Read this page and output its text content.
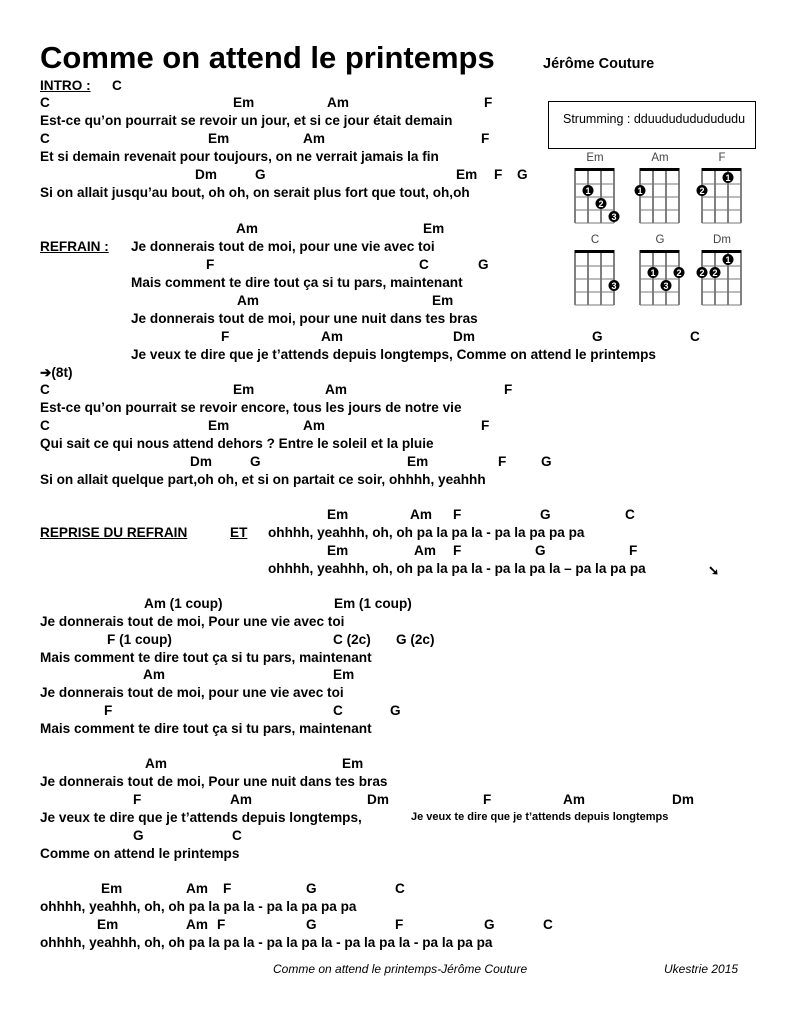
Comme on attend le printemps	Jérôme Couture
INTRO : C
Strumming : dduududududududu
Em
1
2
3
Am
1
F
2
1
C
3
G
1
3
2
Dm
2 2
1
C	Em	Am	F
Est-ce qu’on pourrait se revoir un jour, et si ce jour était demain
C	Em	Am	F
Et si demain revenait pour toujours, on ne verrait jamais la fin
Dm	G	Em F G
Si on allait jusqu’au bout, oh oh, on serait plus fort que tout, oh,oh
Am	Em
REFRAIN : Je donnerais tout de moi, pour une vie avec toi
F	C	G
Mais comment te dire tout ça si tu pars, maintenant
Am	Em
Je donnerais tout de moi, pour une nuit dans tes bras
F	Am	Dm	G	C
Je veux te dire que je t’attends depuis longtemps, Comme on attend le printemps
➔(8t)
C	Em	Am	F
Est-ce qu’on pourrait se revoir encore, tous les jours de notre vie
C	Em	Am	F
Qui sait ce qui nous attend dehors ? Entre le soleil et la pluie
Dm	G	Em	F	G
Si on allait quelque part,oh oh, et si on partait ce soir, ohhhh, yeahhh
Em	Am F	G	C
REPRISE DU REFRAIN	ET ohhhh, yeahhh, oh, oh pa la pa la - pa la pa pa pa
Em	Am F	G	F
ohhhh, yeahhh, oh, oh pa la pa la - pa la pa la – pa la pa pa	➘
Am (1 coup)	Em (1 coup)
Je donnerais tout de moi, Pour une vie avec toi
F (1 coup)	C (2c) G (2c)
Mais comment te dire tout ça si tu pars, maintenant
Am	Em
Je donnerais tout de moi, pour une vie avec toi
F	C	G
Mais comment te dire tout ça si tu pars, maintenant
Am	Em
Je donnerais tout de moi, Pour une nuit dans tes bras
F	Am	Dm	F	Am	Dm
Je veux te dire que je t’attends depuis longtemps,	Je veux te dire que je t’attends depuis longtemps
G	C
Comme on attend le printemps
Em	Am F	G	C
ohhhh, yeahhh, oh, oh pa la pa la - pa la pa pa pa
Em	Am F	G	F	G	C
ohhhh, yeahhh, oh, oh pa la pa la - pa la pa la - pa la pa la - pa la pa pa
Comme on attend le printemps-Jérôme Couture	Ukestrie 2015
